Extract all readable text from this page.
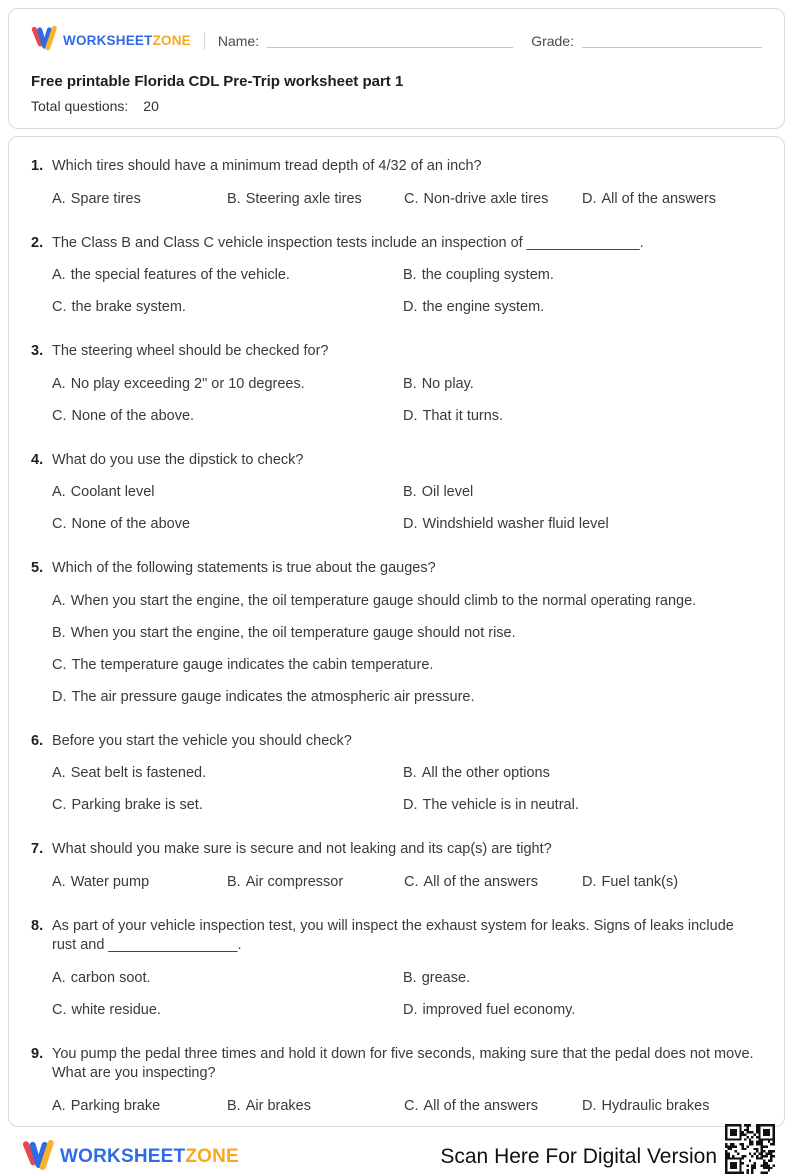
WORKSHEETZONE Name:	Grade:
Free printable Florida CDL Pre-Trip worksheet part 1
Total questions: 20
1. Which tires should have a minimum tread depth of 4/32 of an inch?
A. Spare tires	B. Steering axle tires	C. Non-drive axle tires	D. All of the answers
2. The Class B and Class C vehicle inspection tests include an inspection of ______________.
A. the special features of the vehicle.	B. the coupling system.
C. the brake system.	D. the engine system.
3. The steering wheel should be checked for?
A. No play exceeding 2" or 10 degrees.	B. No play.
C. None of the above.	D. That it turns.
4. What do you use the dipstick to check?
A. Coolant level	B. Oil level
C. None of the above	D. Windshield washer fluid level
5. Which of the following statements is true about the gauges?
A. When you start the engine, the oil temperature gauge should climb to the normal operating range.
B. When you start the engine, the oil temperature gauge should not rise.
C. The temperature gauge indicates the cabin temperature.
D. The air pressure gauge indicates the atmospheric air pressure.
6. Before you start the vehicle you should check?
A. Seat belt is fastened.	B. All the other options
C. Parking brake is set.	D. The vehicle is in neutral.
7. What should you make sure is secure and not leaking and its cap(s) are tight?
A. Water pump	B. Air compressor	C. All of the answers	D. Fuel tank(s)
8. As part of your vehicle inspection test, you will inspect the exhaust system for leaks. Signs of leaks include rust and ________________.
A. carbon soot.	B. grease.
C. white residue.	D. improved fuel economy.
9. You pump the pedal three times and hold it down for five seconds, making sure that the pedal does not move. What are you inspecting?
A. Parking brake	B. Air brakes	C. All of the answers	D. Hydraulic brakes
WORKSHEETZONE	Scan Here For Digital Version
